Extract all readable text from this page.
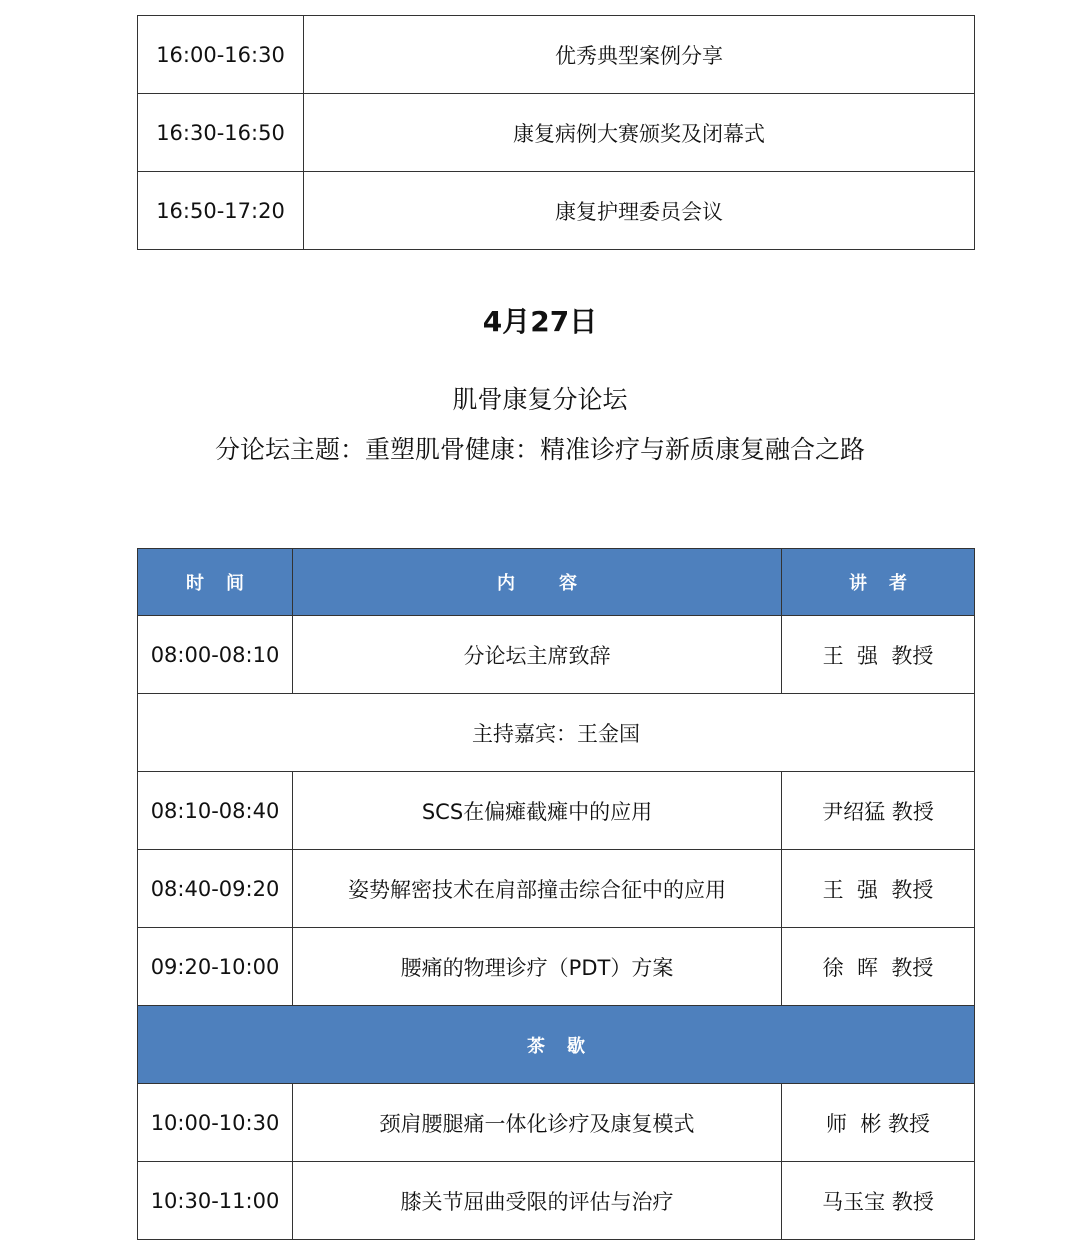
16:00-16:30	优秀典型案例分享
16:30-16:50	康复病例大赛颁奖及闭幕式
16:50-17:20	康复护理委员会议
4月27日
肌骨康复分论坛
分论坛主题：重塑肌骨健康：精准诊疗与新质康复融合之路
时间	内容	讲者
08:00-08:10	分论坛主席致辞	王  强  教授
主持嘉宾：王金国		
08:10-08:40	SCS在偏瘫截瘫中的应用	尹绍猛 教授
08:40-09:20	姿势解密技术在肩部撞击综合征中的应用	王  强  教授
09:20-10:00	腰痛的物理诊疗（PDT）方案	徐  晖  教授
茶歇		
10:00-10:30	颈肩腰腿痛一体化诊疗及康复模式	师  彬 教授
10:30-11:00	膝关节屈曲受限的评估与治疗	马玉宝 教授
